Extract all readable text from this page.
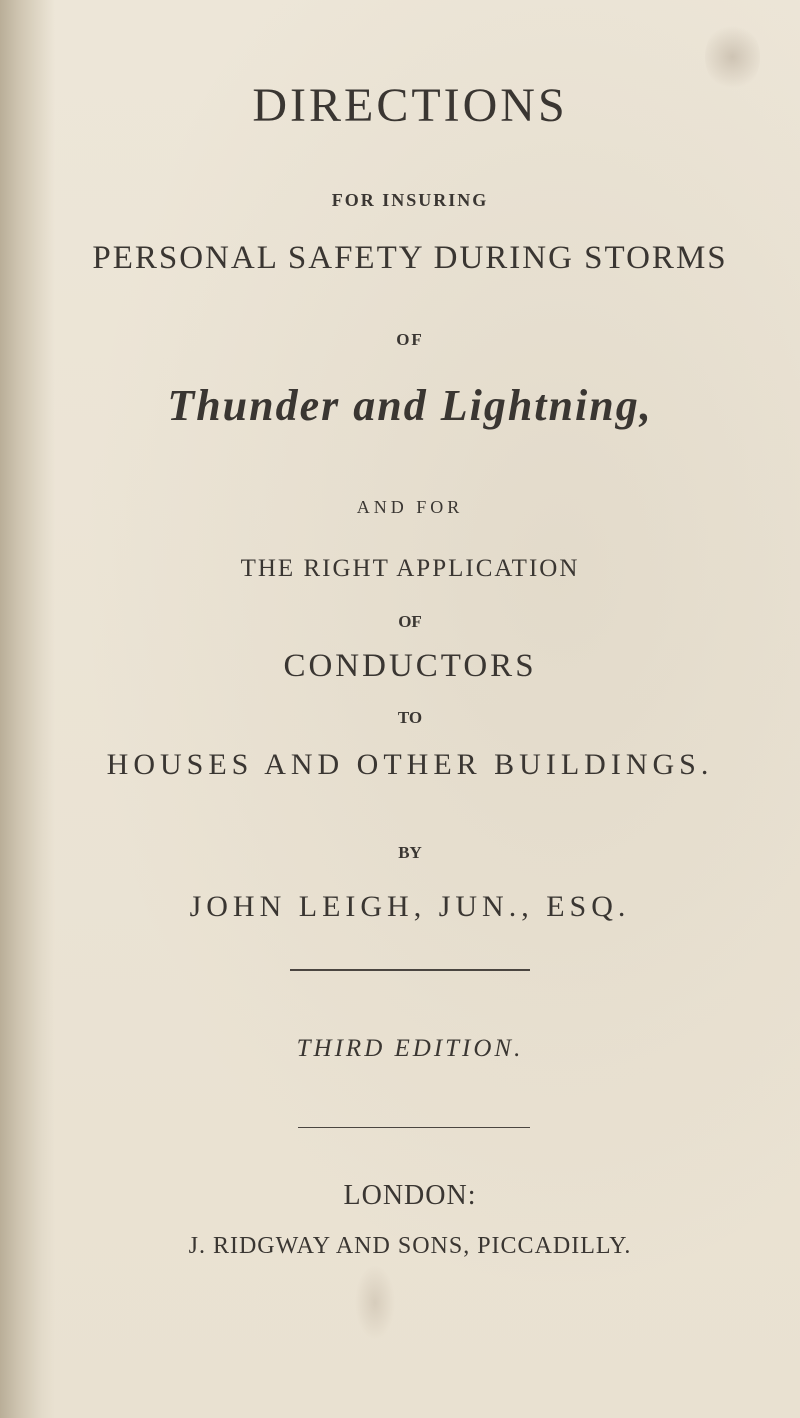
DIRECTIONS

FOR INSURING

PERSONAL SAFETY DURING STORMS

OF

Thunder and Lightning,

AND FOR

THE RIGHT APPLICATION

OF

CONDUCTORS

TO

HOUSES AND OTHER BUILDINGS.

BY

JOHN LEIGH, JUN., ESQ.

THIRD EDITION.

LONDON:

J. RIDGWAY AND SONS, PICCADILLY.
